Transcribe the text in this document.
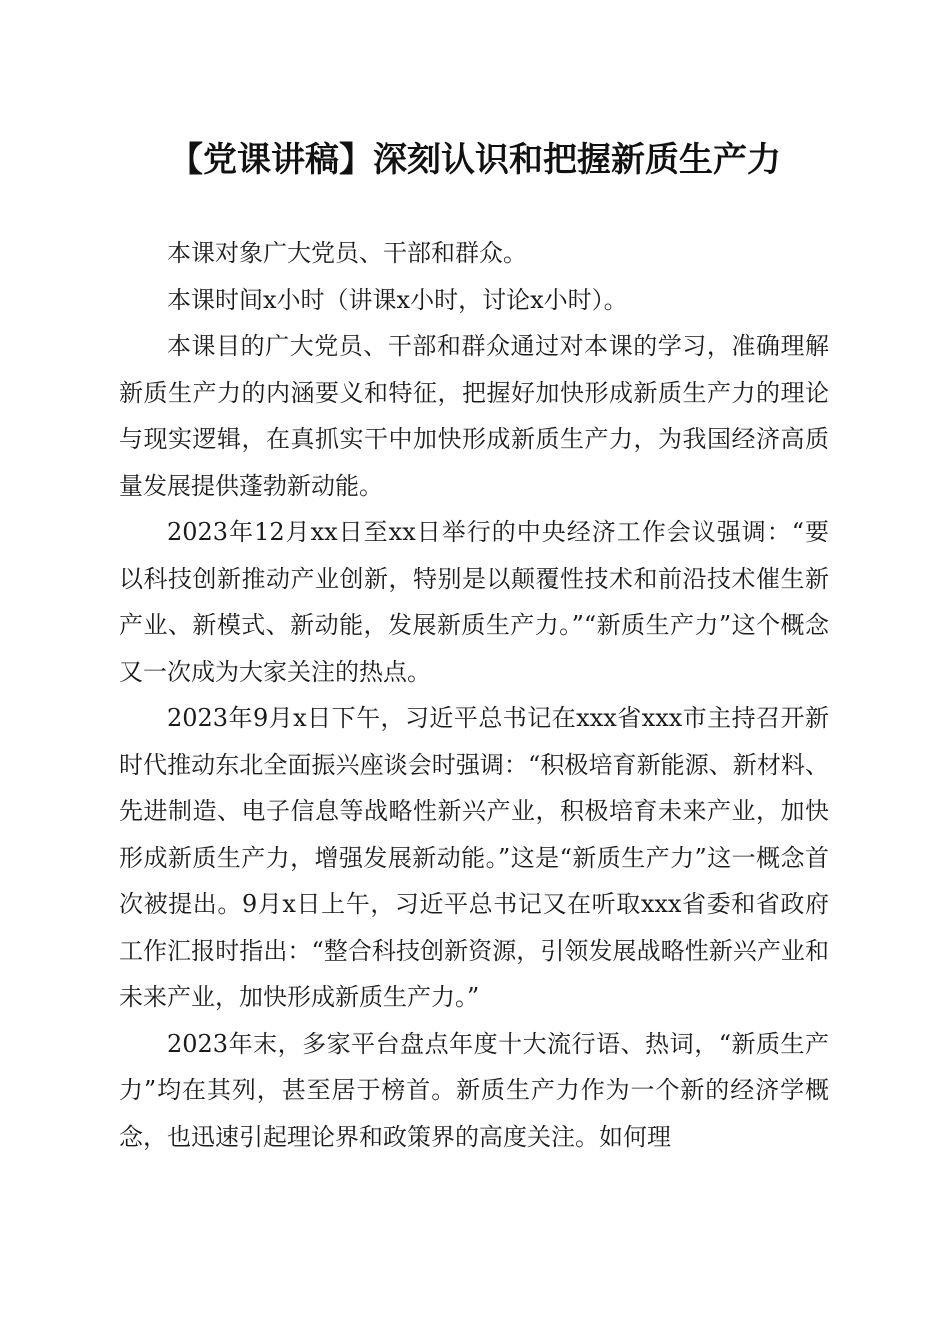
【党课讲稿】深刻认识和把握新质生产力

本课对象广大党员、干部和群众。

本课时间x小时（讲课x小时，讨论x小时）。

本课目的广大党员、干部和群众通过对本课的学习，准确理解新质生产力的内涵要义和特征，把握好加快形成新质生产力的理论与现实逻辑，在真抓实干中加快形成新质生产力，为我国经济高质量发展提供蓬勃新动能。

2023年12月xx日至xx日举行的中央经济工作会议强调：“要以科技创新推动产业创新，特别是以颠覆性技术和前沿技术催生新产业、新模式、新动能，发展新质生产力。”“新质生产力”这个概念又一次成为大家关注的热点。

2023年9月x日下午，习近平总书记在xxx省xxx市主持召开新时代推动东北全面振兴座谈会时强调：“积极培育新能源、新材料、先进制造、电子信息等战略性新兴产业，积极培育未来产业，加快形成新质生产力，增强发展新动能。”这是“新质生产力”这一概念首次被提出。9月x日上午，习近平总书记又在听取xxx省委和省政府工作汇报时指出：“整合科技创新资源，引领发展战略性新兴产业和未来产业，加快形成新质生产力。”

2023年末，多家平台盘点年度十大流行语、热词，“新质生产力”均在其列，甚至居于榜首。新质生产力作为一个新的经济学概念，也迅速引起理论界和政策界的高度关注。如何理
